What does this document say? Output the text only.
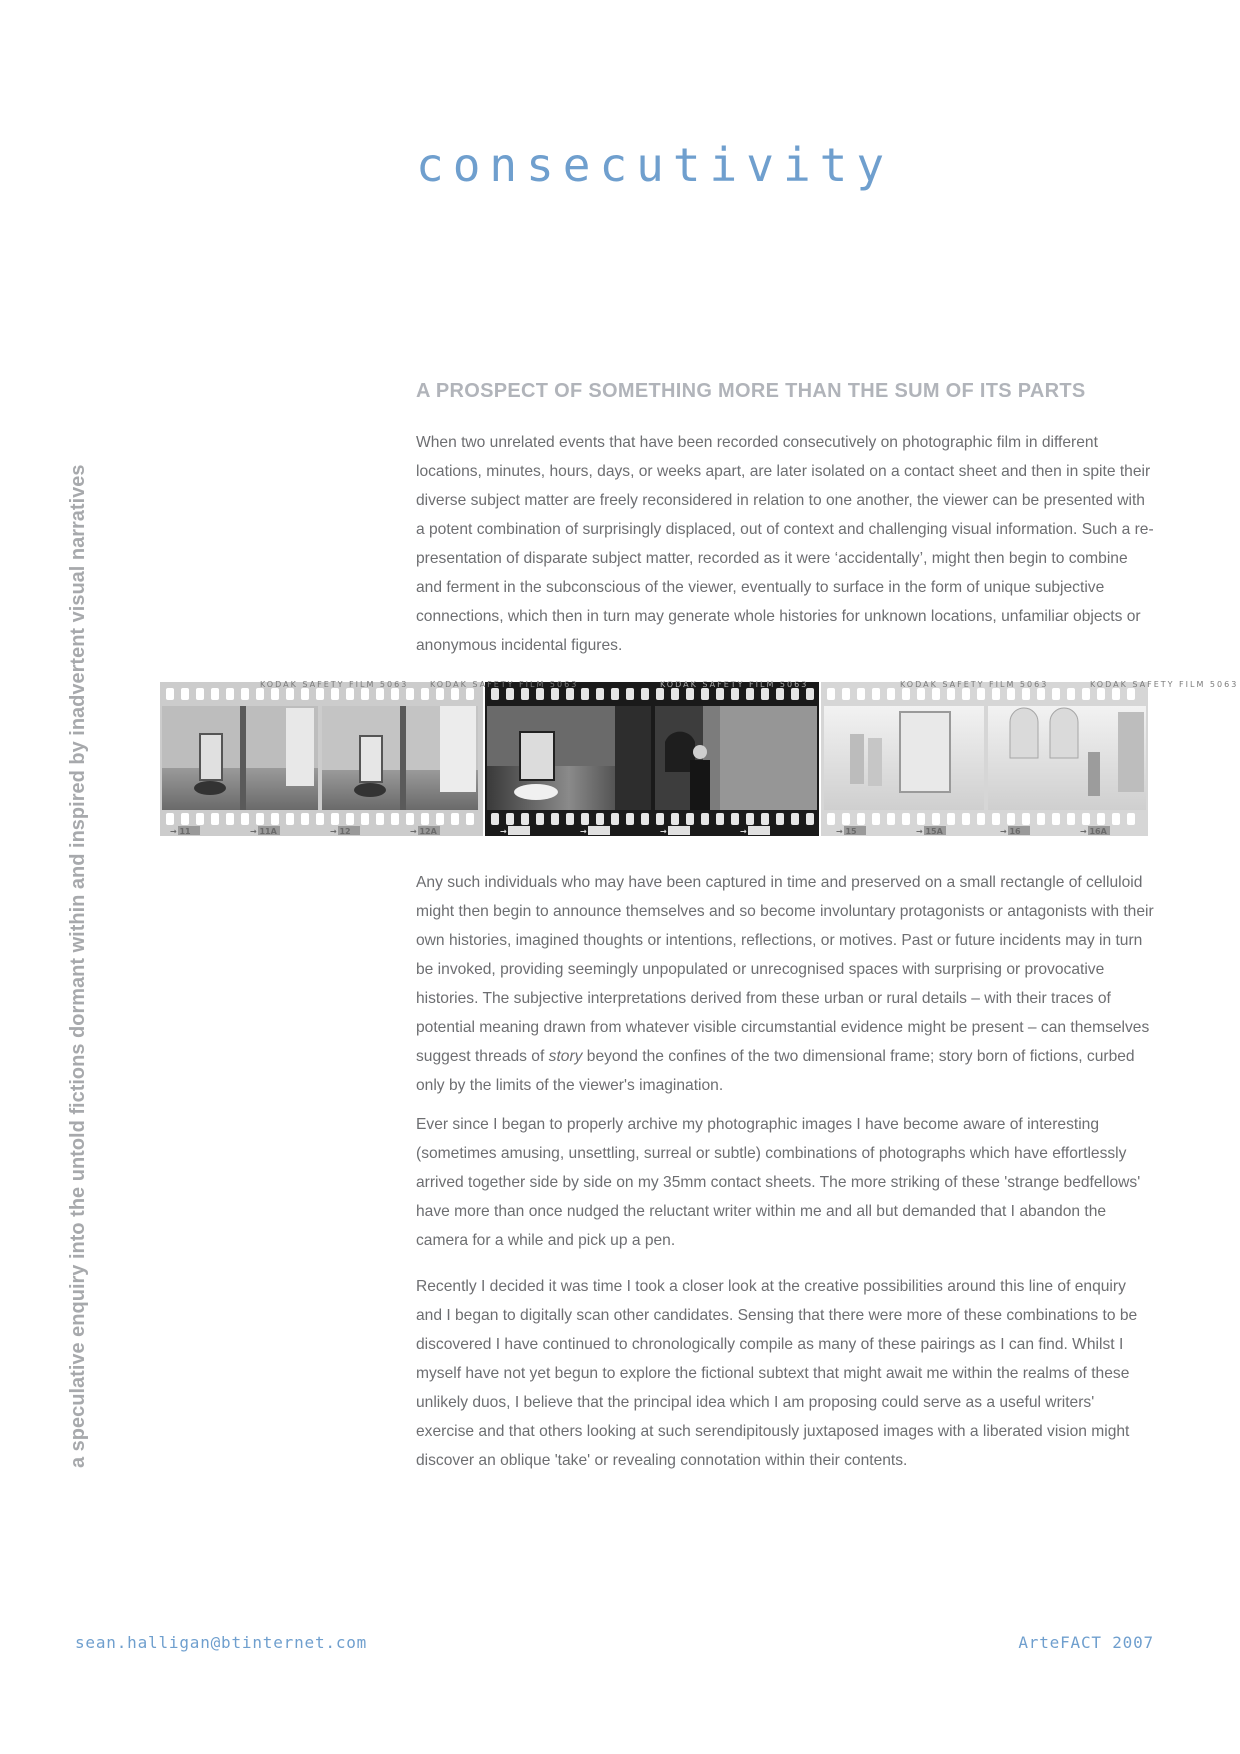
consecutivity
a speculative enquiry into the untold fictions dormant within and inspired by inadvertent visual narratives
A PROSPECT OF SOMETHING MORE THAN THE SUM OF ITS PARTS

When two unrelated events that have been recorded consecutively on photographic film in different locations, minutes, hours, days, or weeks apart, are later isolated on a contact sheet and then in spite their diverse subject matter are freely reconsidered in relation to one another, the viewer can be presented with a potent combination of surprisingly displaced, out of context and challenging visual information. Such a re-presentation of disparate subject matter, recorded as it were ‘accidentally’, might then begin to combine and ferment in the subconscious of the viewer, eventually to surface in the form of unique subjective connections, which then in turn may generate whole histories for unknown locations, unfamiliar objects or anonymous incidental figures.

KODAK SAFETY FILM 5063	KODAK SAFETY FILM 5063	KODAK SAFETY FILM 5063	KODAK SAFETY FILM 5063	KODAK SAFETY FILM 5063
→ 11	→ 11A	→ 12	→ 12A	→ 13	→ 13A	→ 14	→ 14A	→ 15	→ 15A	→ 16	→ 16A

Any such individuals who may have been captured in time and preserved on a small rectangle of celluloid might then begin to announce themselves and so become involuntary protagonists or antagonists with their own histories, imagined thoughts or intentions, reflections, or motives. Past or future incidents may in turn be invoked, providing seemingly unpopulated or unrecognised spaces with surprising or provocative histories. The subjective interpretations derived from these urban or rural details – with their traces of potential meaning drawn from whatever visible circumstantial evidence might be present – can themselves suggest threads of story beyond the confines of the two dimensional frame; story born of fictions, curbed only by the limits of the viewer's imagination.

Ever since I began to properly archive my photographic images I have become aware of interesting (sometimes amusing, unsettling, surreal or subtle) combinations of photographs which have effortlessly arrived together side by side on my 35mm contact sheets. The more striking of these 'strange bedfellows' have more than once nudged the reluctant writer within me and all but demanded that I abandon the camera for a while and pick up a pen.

Recently I decided it was time I took a closer look at the creative possibilities around this line of enquiry and I began to digitally scan other candidates. Sensing that there were more of these combinations to be discovered I have continued to chronologically compile as many of these pairings as I can find. Whilst I myself have not yet begun to explore the fictional subtext that might await me within the realms of these unlikely duos, I believe that the principal idea which I am proposing could serve as a useful writers' exercise and that others looking at such serendipitously juxtaposed images with a liberated vision might discover an oblique 'take' or revealing connotation within their contents.

sean.halligan@btinternet.com	ArteFACT 2007
